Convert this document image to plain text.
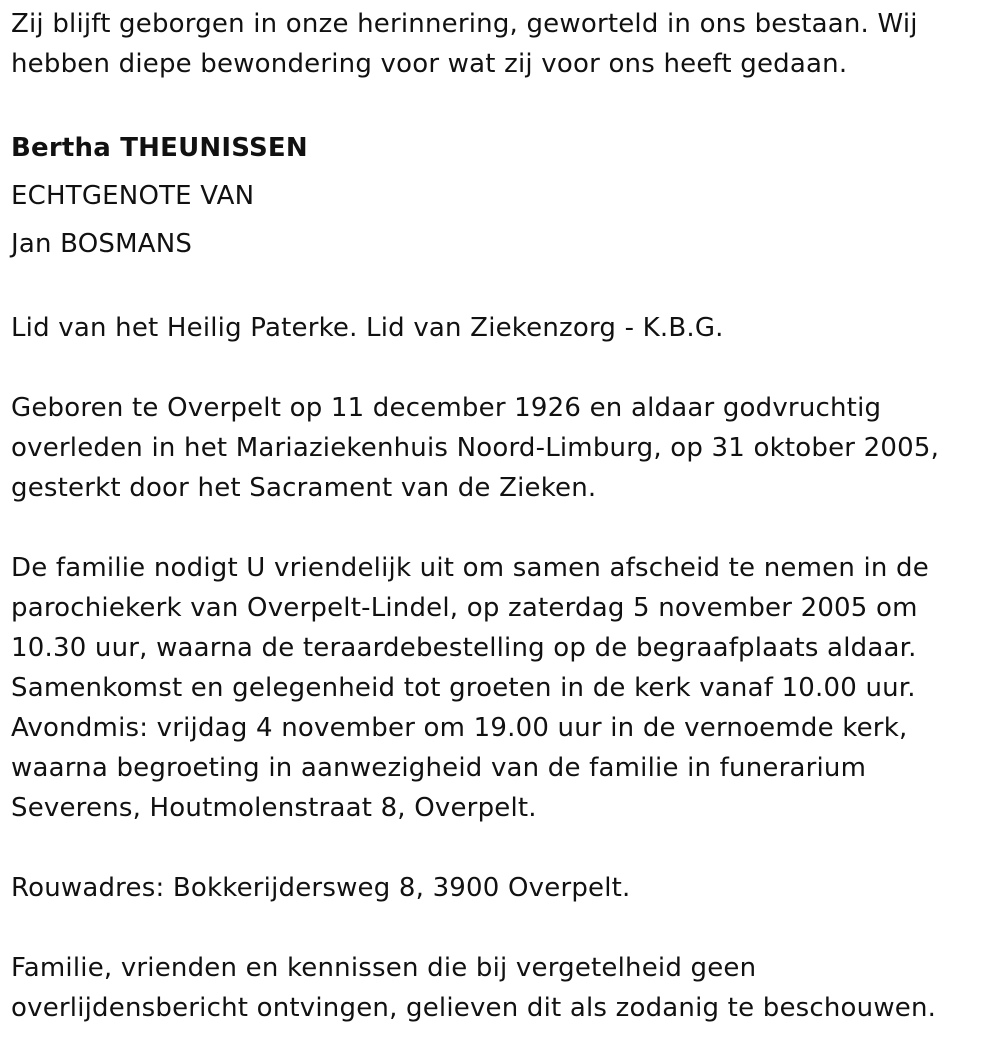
Zij blijft geborgen in onze herinnering, geworteld in ons bestaan. Wij
hebben diepe bewondering voor wat zij voor ons heeft gedaan.
Bertha THEUNISSEN
ECHTGENOTE VAN
Jan BOSMANS
Lid van het Heilig Paterke. Lid van Ziekenzorg - K.B.G.
Geboren te Overpelt op 11 december 1926 en aldaar godvruchtig
overleden in het Mariaziekenhuis Noord-Limburg, op 31 oktober 2005,
gesterkt door het Sacrament van de Zieken.
De familie nodigt U vriendelijk uit om samen afscheid te nemen in de
parochiekerk van Overpelt-Lindel, op zaterdag 5 november 2005 om
10.30 uur, waarna de teraardebestelling op de begraafplaats aldaar.
Samenkomst en gelegenheid tot groeten in de kerk vanaf 10.00 uur.
Avondmis: vrijdag 4 november om 19.00 uur in de vernoemde kerk,
waarna begroeting in aanwezigheid van de familie in funerarium
Severens, Houtmolenstraat 8, Overpelt.
Rouwadres: Bokkerijdersweg 8, 3900 Overpelt.
Familie, vrienden en kennissen die bij vergetelheid geen
overlijdensbericht ontvingen, gelieven dit als zodanig te beschouwen.
